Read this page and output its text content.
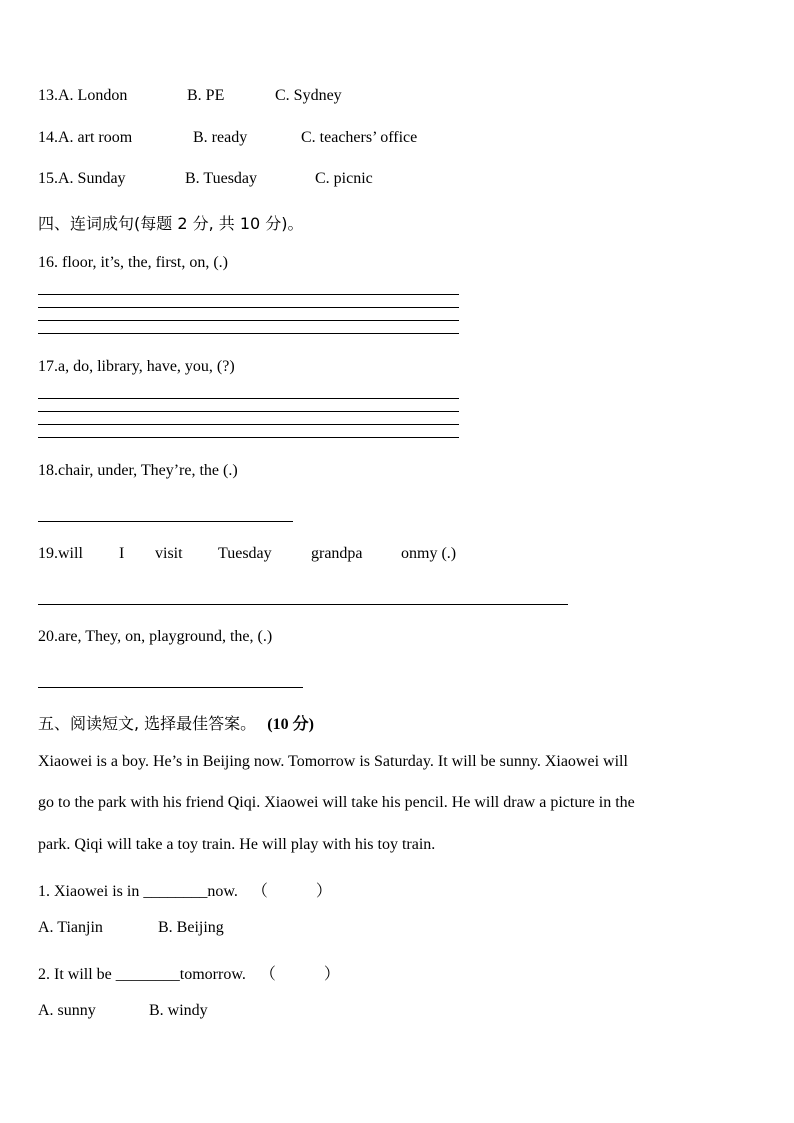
13.A. London	B. PE	C. Sydney
14.A. art room	B. ready	C. teachers’ office
15.A. Sunday	B. Tuesday	C. picnic
四、连词成句(每题 2 分, 共 10 分)。
16. floor, it’s, the, first, on, (.)
17.a, do, library, have, you, (?)
18.chair, under, They’re, the (.)
19.will I visit Tuesday grandpa onmy (.)
20.are, They, on, playground, the, (.)
五、阅读短文, 选择最佳答案。 (10 分)
Xiaowei is a boy. He’s in Beijing now. Tomorrow is Saturday. It will be sunny. Xiaowei will
go to the park with his friend Qiqi. Xiaowei will take his pencil. He will draw a picture in the
park. Qiqi will take a toy train. He will play with his toy train.
1. Xiaowei is in ________now. （　　　）
A. Tianjin	B. Beijing
2. It will be ________tomorrow. （　　　）
A. sunny	B. windy
